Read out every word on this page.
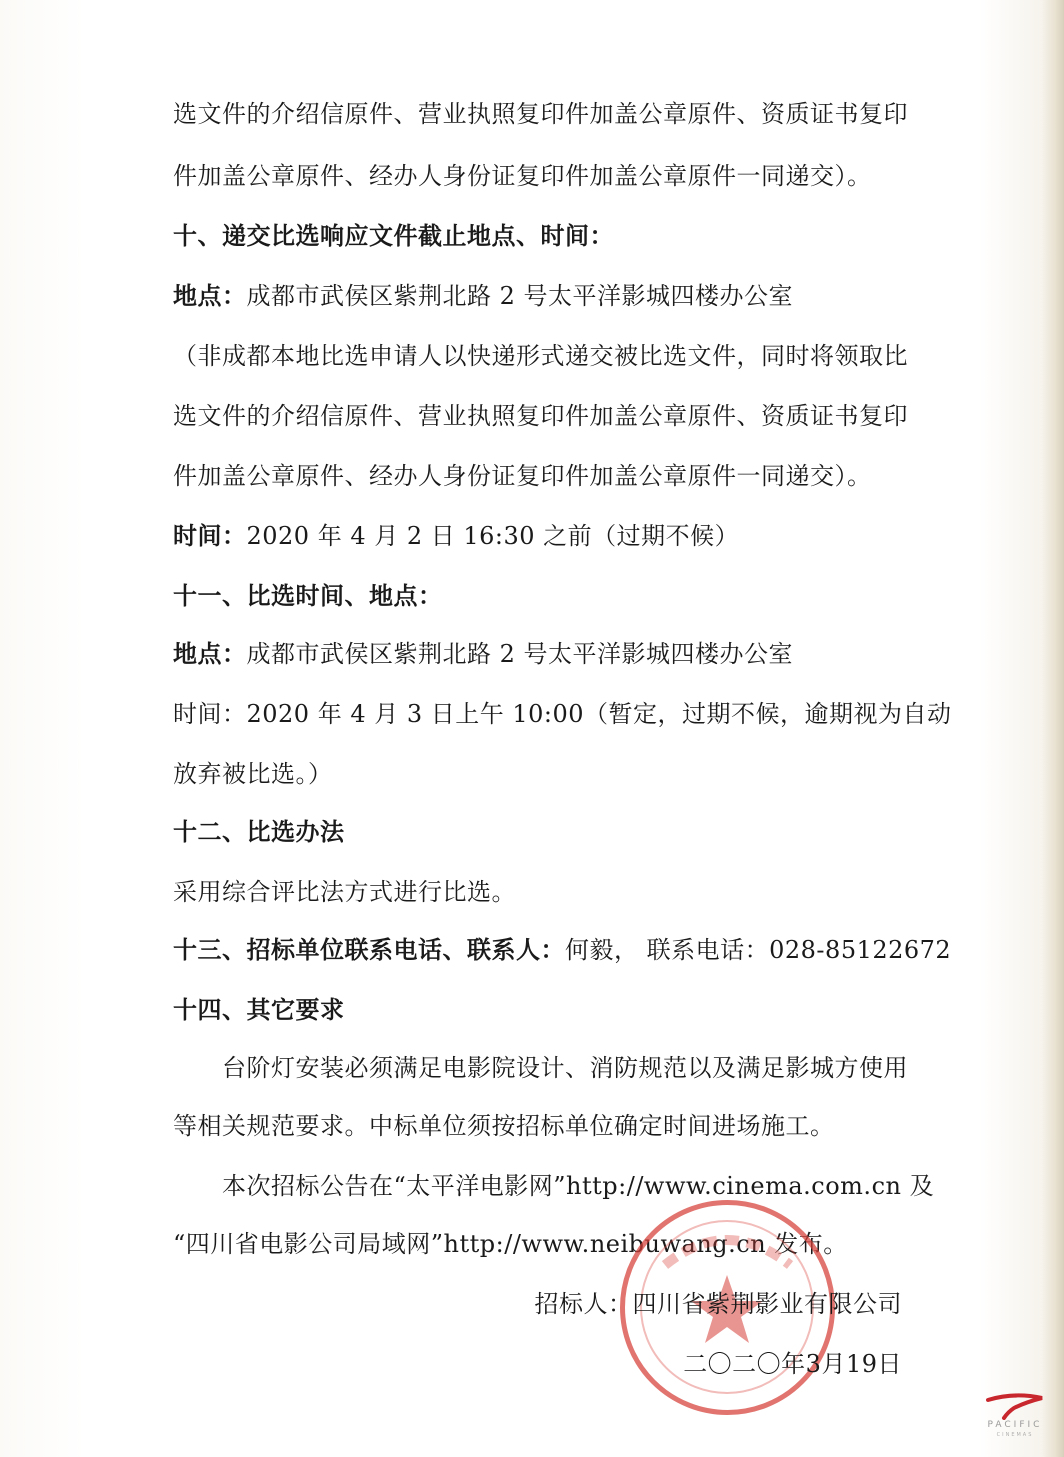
选文件的介绍信原件、营业执照复印件加盖公章原件、资质证书复印
件加盖公章原件、经办人身份证复印件加盖公章原件一同递交）。
十、递交比选响应文件截止地点、时间：
地点：成都市武侯区紫荆北路 2 号太平洋影城四楼办公室
（非成都本地比选申请人以快递形式递交被比选文件，同时将领取比
选文件的介绍信原件、营业执照复印件加盖公章原件、资质证书复印
件加盖公章原件、经办人身份证复印件加盖公章原件一同递交）。
时间：2020 年 4 月 2 日 16:30 之前（过期不候）
十一、比选时间、地点：
地点：成都市武侯区紫荆北路 2 号太平洋影城四楼办公室
时间：2020 年 4 月 3 日上午 10:00（暂定，过期不候，逾期视为自动
放弃被比选。）
十二、比选办法
采用综合评比法方式进行比选。
十三、招标单位联系电话、联系人：何毅， 联系电话：028-85122672
十四、其它要求
台阶灯安装必须满足电影院设计、消防规范以及满足影城方使用
等相关规范要求。中标单位须按招标单位确定时间进场施工。
本次招标公告在“太平洋电影网”http://www.cinema.com.cn 及
“四川省电影公司局域网”http://www.neibuwang.cn 发布。
招标人：四川省紫荆影业有限公司
二〇二〇年3月19日
PACIFIC
CINEMAS
